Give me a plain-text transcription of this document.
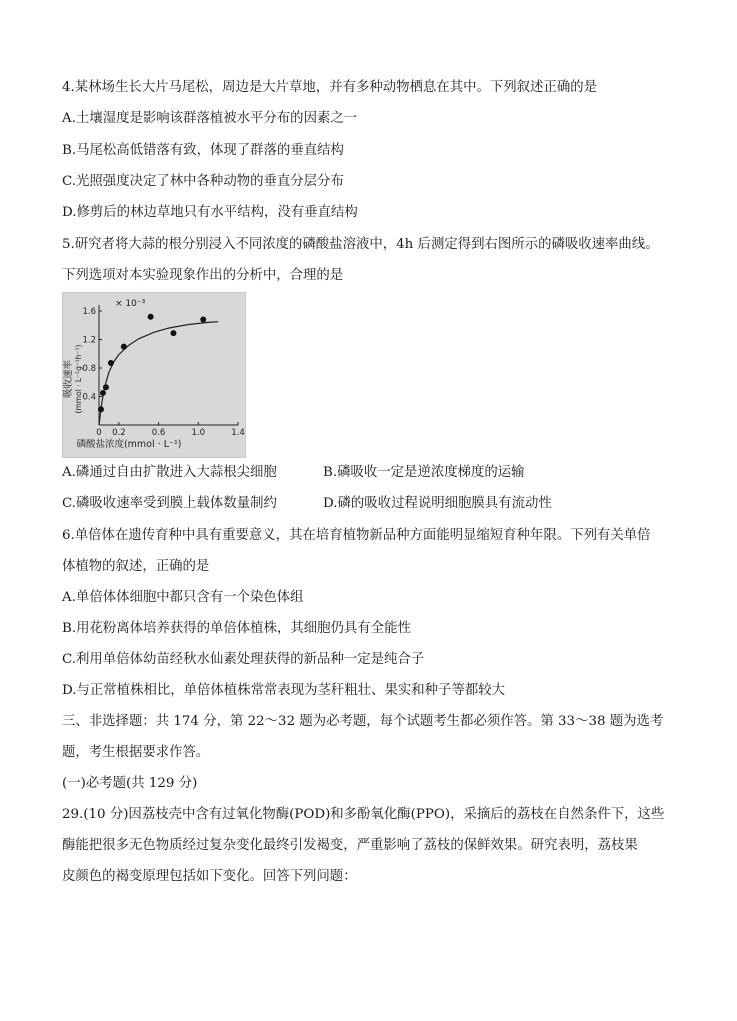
4.某林场生长大片马尾松，周边是大片草地，并有多种动物栖息在其中。下列叙述正确的是
A.土壤湿度是影响该群落植被水平分布的因素之一
B.马尾松高低错落有致，体现了群落的垂直结构
C.光照强度决定了林中各种动物的垂直分层分布
D.修剪后的林边草地只有水平结构，没有垂直结构
5.研究者将大蒜的根分别浸入不同浓度的磷酸盐溶液中，4h 后测定得到右图所示的磷吸收速率曲线。
下列选项对本实验现象作出的分析中，合理的是
0 0.2	0.6	1.0	1.4
0.4
0.8
1.2
1.6
× 10⁻³
磷酸盐浓度(mmol · L⁻¹)
吸收速率 (mmol · L⁻¹g⁻¹h⁻¹)
A.磷通过自由扩散进入大蒜根尖细胞	B.磷吸收一定是逆浓度梯度的运输
C.磷吸收速率受到膜上载体数量制约	D.磷的吸收过程说明细胞膜具有流动性
6.单倍体在遗传育种中具有重要意义，其在培育植物新品种方面能明显缩短育种年限。下列有关单倍
体植物的叙述，正确的是
A.单倍体体细胞中都只含有一个染色体组
B.用花粉离体培养获得的单倍体植株，其细胞仍具有全能性
C.利用单倍体幼苗经秋水仙素处理获得的新品种一定是纯合子
D.与正常植株相比，单倍体植株常常表现为茎秆粗壮、果实和种子等都较大
三、非选择题：共 174 分，第 22～32 题为必考题，每个试题考生都必须作答。第 33～38 题为选考
题，考生根据要求作答。
(一)必考题(共 129 分)
29.(10 分)因荔枝壳中含有过氧化物酶(POD)和多酚氧化酶(PPO)，采摘后的荔枝在自然条件下，这些
酶能把很多无色物质经过复杂变化最终引发褐变，严重影响了荔枝的保鲜效果。研究表明，荔枝果
皮颜色的褐变原理包括如下变化。回答下列问题：
